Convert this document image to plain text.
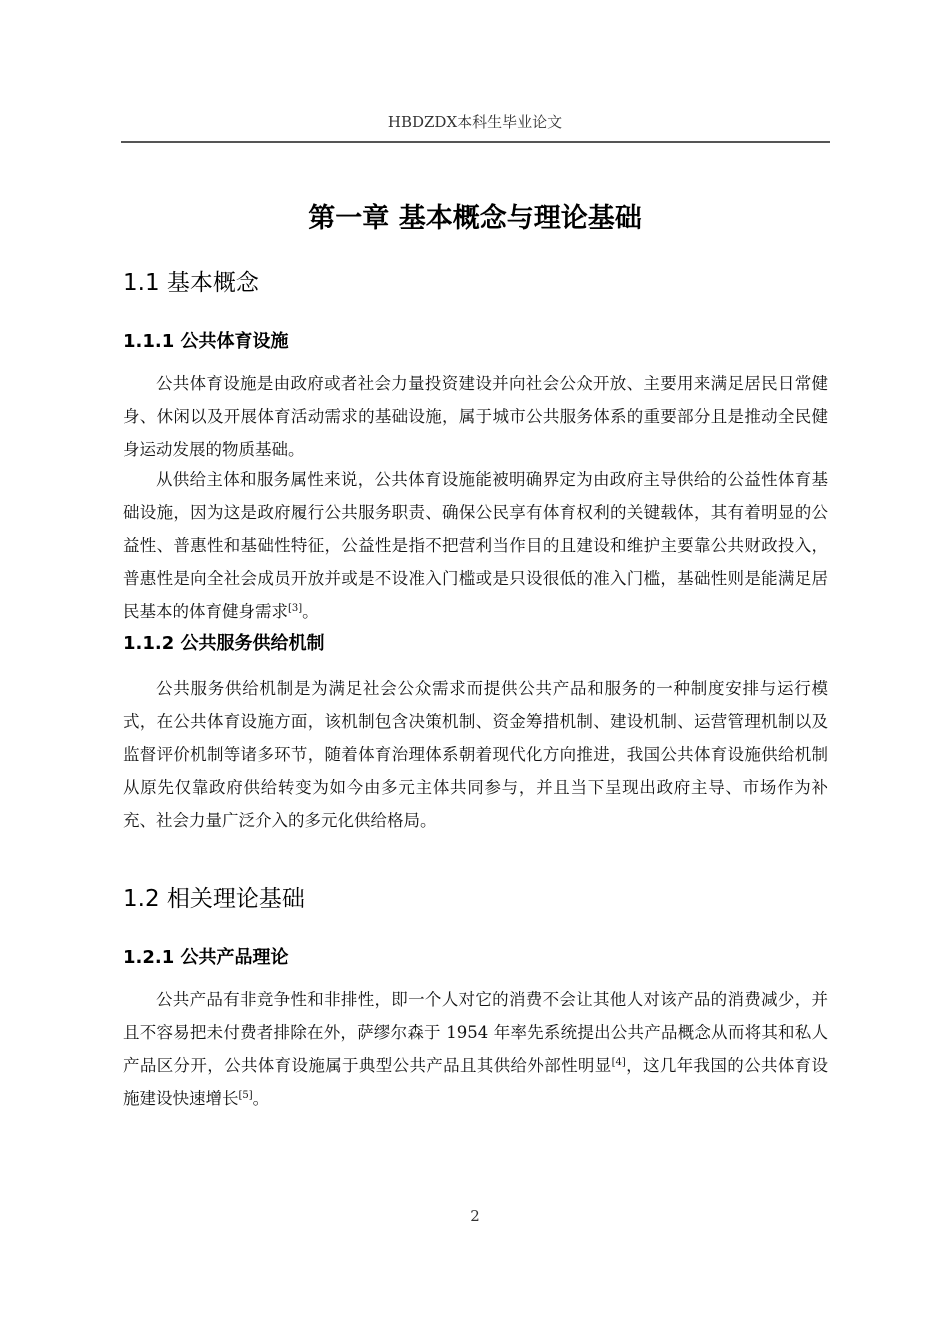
HBDZDX本科生毕业论文
第一章 基本概念与理论基础
1.1 基本概念
1.1.1 公共体育设施

公共体育设施是由政府或者社会力量投资建设并向社会公众开放、主要用来满足居民日常健身、休闲以及开展体育活动需求的基础设施，属于城市公共服务体系的重要部分且是推动全民健身运动发展的物质基础。

从供给主体和服务属性来说，公共体育设施能被明确界定为由政府主导供给的公益性体育基础设施，因为这是政府履行公共服务职责、确保公民享有体育权利的关键载体，其有着明显的公益性、普惠性和基础性特征，公益性是指不把营利当作目的且建设和维护主要靠公共财政投入，普惠性是向全社会成员开放并或是不设准入门槛或是只设很低的准入门槛，基础性则是能满足居民基本的体育健身需求[3]。

1.1.2 公共服务供给机制

公共服务供给机制是为满足社会公众需求而提供公共产品和服务的一种制度安排与运行模式，在公共体育设施方面，该机制包含决策机制、资金筹措机制、建设机制、运营管理机制以及监督评价机制等诸多环节，随着体育治理体系朝着现代化方向推进，我国公共体育设施供给机制从原先仅靠政府供给转变为如今由多元主体共同参与，并且当下呈现出政府主导、市场作为补充、社会力量广泛介入的多元化供给格局。

1.2 相关理论基础
1.2.1 公共产品理论

公共产品有非竞争性和非排性，即一个人对它的消费不会让其他人对该产品的消费减少，并且不容易把未付费者排除在外，萨缪尔森于 1954 年率先系统提出公共产品概念从而将其和私人产品区分开，公共体育设施属于典型公共产品且其供给外部性明显[4]，这几年我国的公共体育设施建设快速增长[5]。

2
